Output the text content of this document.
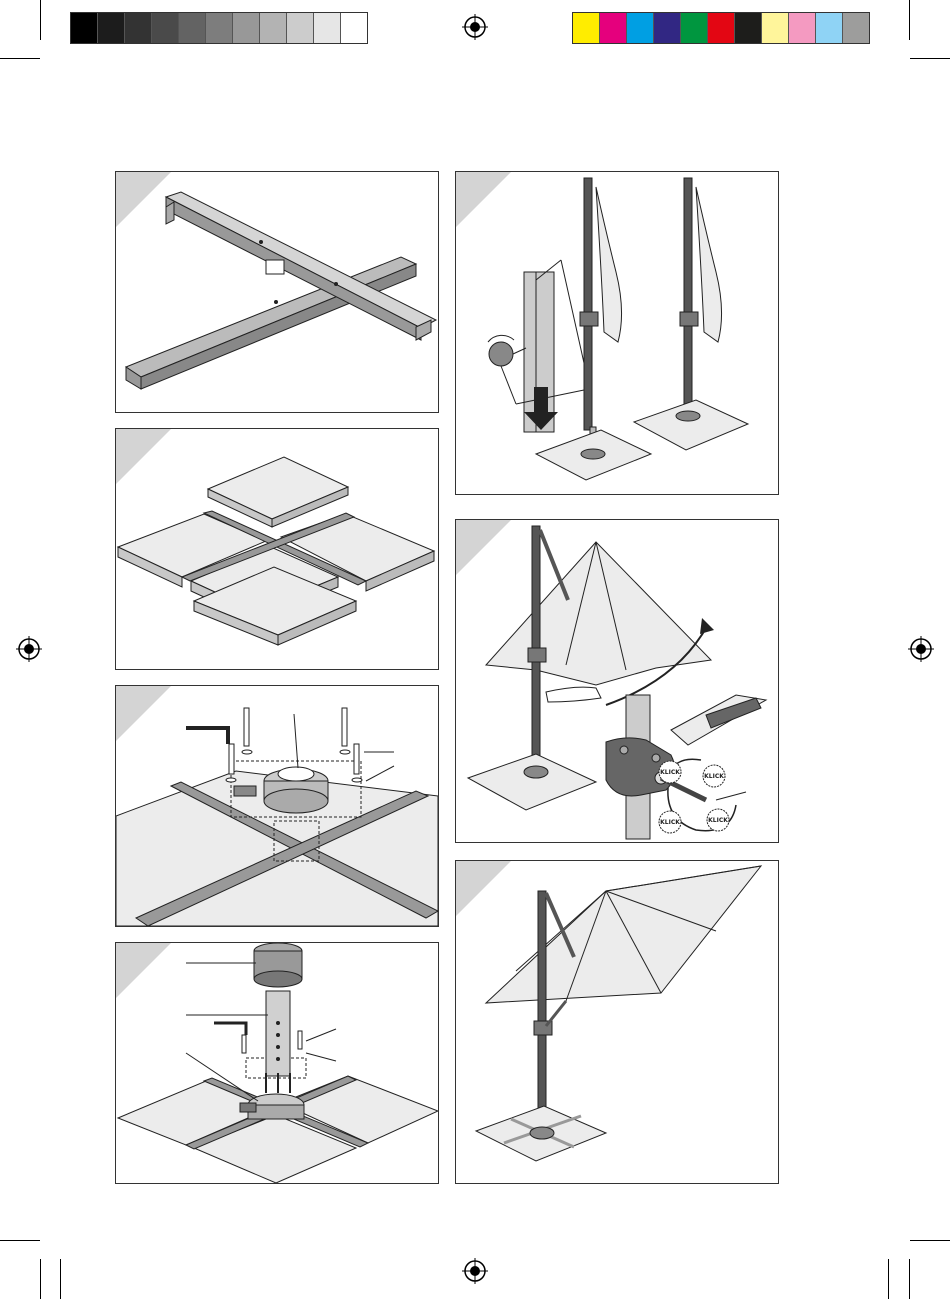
KLICK
KLICK
KLICK	KLICK
